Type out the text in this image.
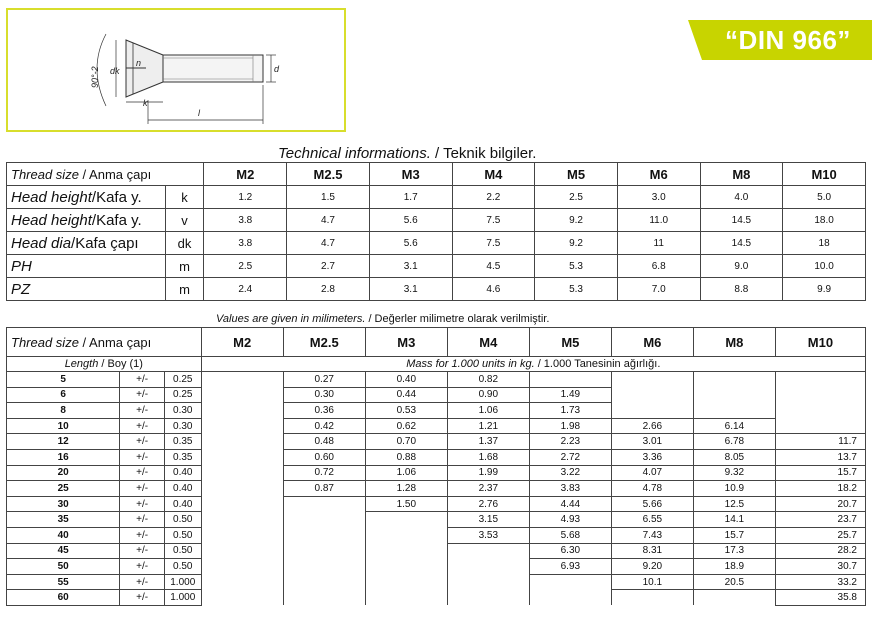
d
l
k
dk
n
90°-2
“DIN 966”
Technical informations. / Teknik bilgiler.
Thread size / Anma çapı		M2	M2.5	M3	M4	M5	M6	M8	M10
Head height/Kafa y.	k	1.2	1.5	1.7	2.2	2.5	3.0	4.0	5.0
Head height/Kafa y.	v	3.8	4.7	5.6	7.5	9.2	11.0	14.5	18.0
Head dia/Kafa çapı	dk	3.8	4.7	5.6	7.5	9.2	11	14.5	18
PH	m	2.5	2.7	3.1	4.5	5.3	6.8	9.0	10.0
PZ	m	2.4	2.8	3.1	4.6	5.3	7.0	8.8	9.9
Values are given in milimeters. / Değerler milimetre olarak verilmiştir.
Thread size / Anma çapı			M2	M2.5	M3	M4	M5	M6	M8	M10
Length / Boy (1)			Mass for 1.000 units in kg. / 1.000 Tanesinin ağırlığı.							
5	+/-	0.25		0.27	0.40	0.82				
6	+/-	0.25		0.30	0.44	0.90	1.49			
8	+/-	0.30		0.36	0.53	1.06	1.73			
10	+/-	0.30		0.42	0.62	1.21	1.98	2.66	6.14	
12	+/-	0.35		0.48	0.70	1.37	2.23	3.01	6.78	11.7
16	+/-	0.35		0.60	0.88	1.68	2.72	3.36	8.05	13.7
20	+/-	0.40		0.72	1.06	1.99	3.22	4.07	9.32	15.7
25	+/-	0.40		0.87	1.28	2.37	3.83	4.78	10.9	18.2
30	+/-	0.40			1.50	2.76	4.44	5.66	12.5	20.7
35	+/-	0.50				3.15	4.93	6.55	14.1	23.7
40	+/-	0.50				3.53	5.68	7.43	15.7	25.7
45	+/-	0.50					6.30	8.31	17.3	28.2
50	+/-	0.50					6.93	9.20	18.9	30.7
55	+/-	1.000						10.1	20.5	33.2
60	+/-	1.000								35.8
